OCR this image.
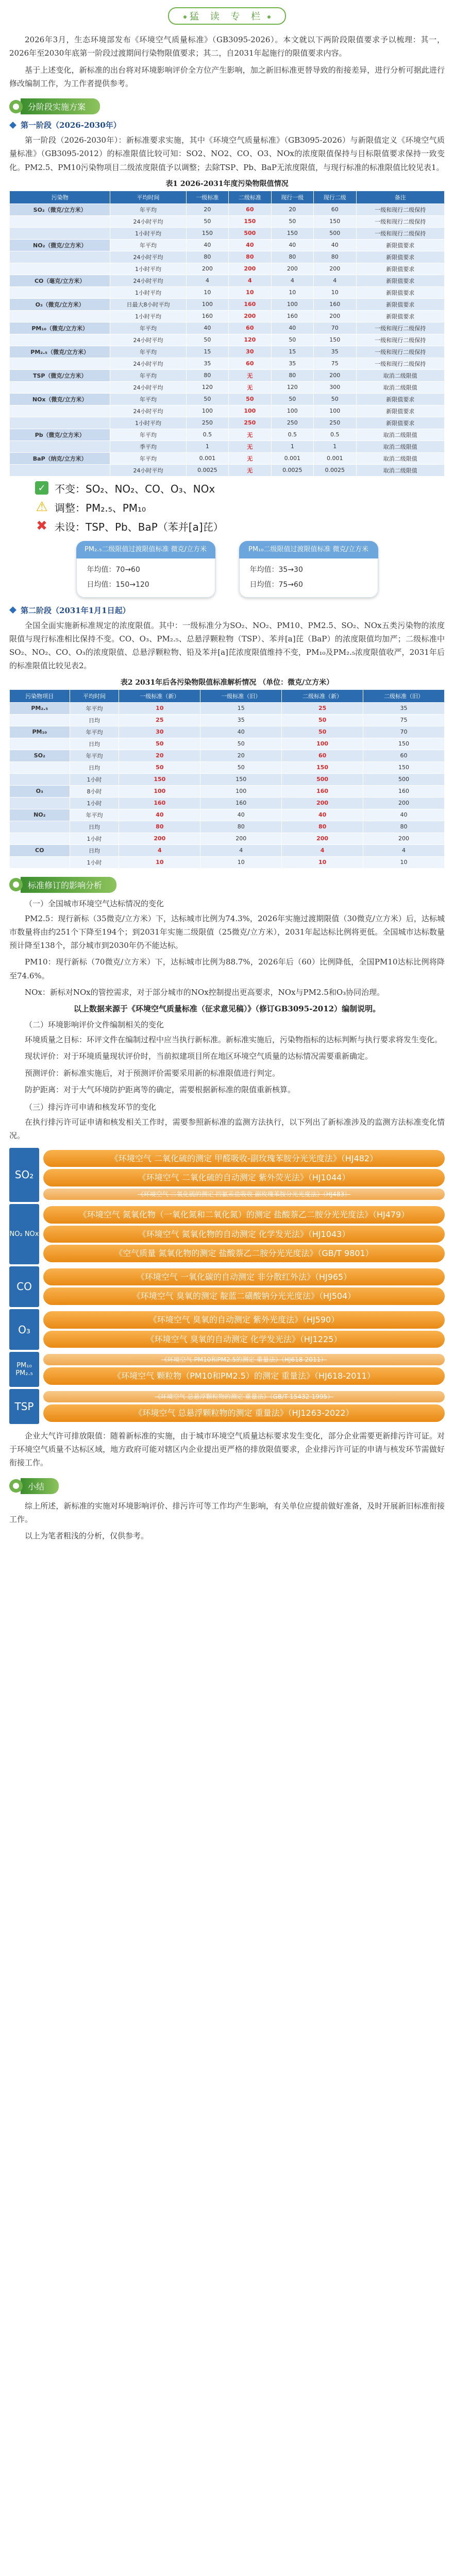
猛 读 专 栏

2026年3月，生态环境部发布《环境空气质量标准》（GB3095-2026）。本文就以下两阶段限值要求予以梳理：其一，2026年至2030年底第一阶段过渡期间行染物限值要求；其二，自2031年起施行的限值要求内容。

基于上述变化，新标准的出台将对环境影响评价全方位产生影响，加之新旧标准更替导致的衔接差异，进行分析可据此进行修改编制工作，为工作者提供参考。

分阶段实施方案
第一阶段（2026-2030年）

第一阶段（2026-2030年）：新标准要求实施，其中《环境空气质量标准》（GB3095-2026）与新限值定义《环境空气质量标准》（GB3095-2012）的标准限值比较可知：SO2、NO2、CO、O3、NOx的浓度限值保持与目标限值要求保持一致变化。PM2.5、PM10污染物项目二级浓度限值予以调整；去除TSP、Pb、BaP无浓度限值，与现行标准的标准限值比较见表1。

表1 2026-2031年度污染物限值情况
污染物	平均时间	一级标准	二级标准	现行一级	现行二级	备注
SO₂（微克/立方米）	年平均	20	60	20	60	一级和现行二级保持
	24小时平均	50	150	50	150	一级和现行二级保持
	1小时平均	150	500	150	500	一级和现行二级保持
NO₂（微克/立方米）	年平均	40	40	40	40	新限值要求
	24小时平均	80	80	80	80	新限值要求
	1小时平均	200	200	200	200	新限值要求
CO（毫克/立方米）	24小时平均	4	4	4	4	新限值要求
	1小时平均	10	10	10	10	新限值要求
O₃（微克/立方米）	日最大8小时平均	100	160	100	160	新限值要求
	1小时平均	160	200	160	200	新限值要求
PM₁₀（微克/立方米）	年平均	40	60	40	70	一级和现行二级保持
	24小时平均	50	120	50	150	一级和现行二级保持
PM₂.₅（微克/立方米）	年平均	15	30	15	35	一级和现行二级保持
	24小时平均	35	60	35	75	一级和现行二级保持
TSP（微克/立方米）	年平均	80	无	80	200	取消二级限值
	24小时平均	120	无	120	300	取消二级限值
NOx（微克/立方米）	年平均	50	50	50	50	新限值要求
	24小时平均	100	100	100	100	新限值要求
	1小时平均	250	250	250	250	新限值要求
Pb（微克/立方米）	年平均	0.5	无	0.5	0.5	取消二级限值
	季平均	1	无	1	1	取消二级限值
BaP（纳克/立方米）	年平均	0.001	无	0.001	0.001	取消二级限值
	24小时平均	0.0025	无	0.0025	0.0025	取消二级限值
✓ 不变：SO₂、NO₂、CO、O₃、NOx
⚠ 调整：PM₂.₅、PM₁₀
✖ 未设：TSP、Pb、BaP（苯并[a]芘）
PM₂.₅二级限值过渡限值标准 微克/立方米
年均值：70→60
日均值：150→120
PM₁₀二级限值过渡限值标准 微克/立方米
年均值：35→30
日均值：75→60
第二阶段（2031年1月1日起）

全国全面实施新标准规定的浓度限值。其中：一级标准分为SO₂、NO₂、PM10、PM2.5、SO₂、NOx五类污染物的浓度限值与现行标准相比保持不变。CO、O₃、PM₂.₅、总悬浮颗粒物（TSP）、苯并[a]芘（BaP）的浓度限值均加严；二级标准中SO₂、NO₂、CO、O₃的浓度限值、总悬浮颗粒物、铅及苯并[a]芘浓度限值维持不变，PM₁₀及PM₂.₅浓度限值收严，2031年后的标准限值比较见表2。

表2 2031年后各污染物限值标准解析情况 （单位：微克/立方米）
污染物项目	平均时间	一级标准（新）	一级标准（旧）	二级标准（新）	二级标准（旧）
PM₂.₅	年平均	10	15	25	35
	日均	25	35	50	75
PM₁₀	年平均	30	40	50	70
	日均	50	50	100	150
SO₂	年平均	20	20	60	60
	日均	50	50	150	150
	1小时	150	150	500	500
O₃	8小时	100	100	160	160
	1小时	160	160	200	200
NO₂	年平均	40	40	40	40
	日均	80	80	80	80
	1小时	200	200	200	200
CO	日均	4	4	4	4
	1小时	10	10	10	10
标准修订的影响分析
（一）全国城市环境空气达标情况的变化

PM2.5：现行新标（35微克/立方米）下，达标城市比例为74.3%，2026年实施过渡期限值（30微克/立方米）后，达标城市数量将由约251个下降至194个；到2031年实施二级限值（25微克/立方米），2031年起达标比例将更低。全国城市达标数量预计降至138个，部分城市到2030年仍不能达标。

PM10：现行新标（70微克/立方米）下，达标城市比例为88.7%，2026年后（60）比例降低，全国PM10达标比例将降至74.6%。

NOx：新标对NOx的管控需求，对于部分城市的NOx控制提出更高要求，NOx与PM2.5和O₃协同治理。

以上数据来源于《环境空气质量标准（征求意见稿）》（修订GB3095-2012）编制说明。
（二）环境影响评价文件编制相关的变化

环境质量之目标：环评文件在编制过程中应当执行新标准。新标准实施后，污染物指标的达标判断与执行要求将发生变化。

现状评价：对于环境质量现状评价时，当前拟建项目所在地区环境空气质量的达标情况需要重新确定。

预测评价：新标准实施后，对于预测评价需要采用新的标准限值进行判定。

防护距离：对于大气环境防护距离等的确定，需要根据新标准的限值重新核算。

（三）排污许可申请和核发环节的变化

在执行排污许可证申请和核发相关工作时，需要参照新标准的监测方法执行，以下列出了新标准涉及的监测方法标准变化情况。

SO₂
《环境空气 二氧化硫的测定 甲醛吸收-副玫瑰苯胺分光光度法》（HJ482）
《环境空气 二氧化硫的自动测定 紫外荧光法》（HJ1044）
《环境空气 二氧化硫的测定 四氯汞盐吸收-副玫瑰苯胺分光光度法》（HJ483）
NO₂ NOx
《环境空气 氮氧化物（一氧化氮和二氧化氮）的测定 盐酸萘乙二胺分光光度法》（HJ479）
《环境空气 氮氧化物的自动测定 化学发光法》（HJ1043）
《空气质量 氮氧化物的测定 盐酸萘乙二胺分光光度法》（GB/T 9801）
CO
《环境空气 一氧化碳的自动测定 非分散红外法》（HJ965）
《环境空气 臭氧的测定 靛蓝二磺酸钠分光光度法》（HJ504）
O₃
《环境空气 臭氧的自动测定 紫外光度法》（HJ590）
《环境空气 臭氧的自动测定 化学发光法》（HJ1225）
PM₁₀ PM₂.₅
《环境空气 PM10和PM2.5的测定 重量法》（HJ618-2011）
《环境空气 颗粒物（PM10和PM2.5）的测定 重量法》（HJ618-2011）
TSP
《环境空气 总悬浮颗粒物的测定 重量法》（GB/T 15432-1995）
《环境空气 总悬浮颗粒物的测定 重量法》（HJ1263-2022）

企业大气许可排放限值：随着新标准的实施，由于城市环境空气质量达标要求发生变化，部分企业需要更新排污许可证。对于环境空气质量不达标区域，地方政府可能对辖区内企业提出更严格的排放限值要求，企业排污许可证的申请与核发环节需做好衔接工作。

小结

综上所述，新标准的实施对环境影响评价、排污许可等工作均产生影响，有关单位应提前做好准备，及时开展新旧标准衔接工作。

以上为笔者粗浅的分析，仅供参考。
